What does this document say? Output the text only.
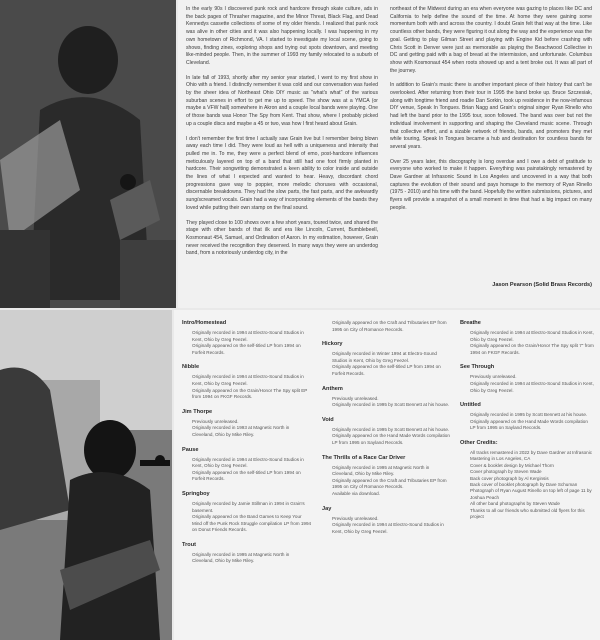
In the early 90s I discovered punk rock and hardcore through skate culture, ads in the back pages of Thrasher magazine, and the Minor Threat, Black Flag, and Dead Kennedys cassette collections of some of my older friends. I realized that punk rock was alive in other cities and it was also happening locally. I was happening in my own hometown of Richmond, VA. I started to investigate my local scene, going to shows, finding zines, exploring shops and trying out spots downtown, and meeting like-minded people. Then, in the summer of 1993 my family relocated to a suburb of Cleveland.

In late fall of 1993, shortly after my senior year started, I went to my first show in Ohio with a friend. I distinctly remember it was cold and our conversation was fueled by the sheer idea of Northeast Ohio DIY music as "what's what" of the various suburban scenes in effort to get me up to speed. The show was at a YMCA (or maybe a VFW hall) somewhere in Akron and a couple local bands were playing. One of those bands was Honor The Spy from Kent. That show, where I probably picked up a couple discs and maybe a 45 or two, was how I first heard about Grain.

I don't remember the first time I actually saw Grain live but I remember being blown away each time I did. They were loud as hell with a uniqueness and intensity that pulled me in. To me, they were a perfect blend of emo, post-hardcore influences meticulously layered on top of a band that still had one foot firmly planted in hardcore. Their songwriting demonstrated a keen ability to color inside and outside the lines of what I expected and wanted to hear. Heavy, discordant chord progressions gave way to poppier, more melodic choruses with occasional, discernable breakdowns. They had the slow parts, the fast parts, and the awkwardly sung/screamed vocals. Grain had a way of incorporating elements of the bands they loved while putting their own stamp on the final sound.

They played close to 100 shows over a few short years, toured twice, and shared the stage with other bands of that ilk and era like Lincoln, Current, Bumblebeell, Kosmonaut 454, Samuel, and Ordination of Aaron. In my estimation, however, Grain never received the recognition they deserved. In many ways they were an underdog band, from a notoriously underdog city, in the

northeast of the Midwest during an era when everyone was gazing to places like DC and California to help define the sound of the time. At home they were gaining some momentum both with and across the country. I doubt Grain felt that way at the time. Like countless other bands, they were figuring it out along the way and the experience was the goal. Getting to play Gilman Street and playing with Engine Kid before crashing with Chris Scott in Denver were just as memorable as playing the Beachwood Collective in DC and getting paid with a bag of bread at the intermission, and unfortunate. Columbus show with Kosmonaut 454 when roots showed up and a tent broke out. It was all part of the journey.

In addition to Grain's music there is another important piece of their history that can't be overlooked. After returning from their tour in 1995 the band broke up. Bruce Szczesiak, along with longtime friend and roadie Dan Sorkin, took up residence in the now-infamous DIY venue, Speak In Tongues. Brian Nagg and Grain's original singer Ryan Rinello who had left the band prior to the 1995 tour, soon followed. The band was over but not the individual involvement in supporting and shaping the Cleveland music scene. Through that collective effort, and a sizable network of friends, bands, and promoters they met while touring, Speak In Tongues became a hub and destination for countless bands for several years.

Over 25 years later, this discography is long overdue and I owe a debt of gratitude to everyone who worked to make it happen. Everything was painstakingly remastered by Dave Gardner at Infrasonic Sound in Los Angeles and uncovered in a way that both captures the evolution of their sound and pays homage to the memory of Ryan Rinello (1975 - 2010) and his time with the band. Hopefully the written submissions, pictures, and flyers will provide a snapshot of a small moment in time that had a big impact on many people.

Jason Pearson (Solid Brass Records)
Intro/Homestead
Originally recorded in 1994 at Electro-Sound Studios in Kent, Ohio by Greg Feezel.
Originally appeared on the self-titled LP from 1994 on Forfeit Records.
Nibble
Originally recorded in 1994 at Electro-Sound Studios in Kent, Ohio by Greg Feezel.
Originally appeared on the Grain/Honor The Spy split EP from 1994 on FKGF Records.
Jim Thorpe
Previously unreleased.
Originally recorded in 1993 at Magnetic North in Cleveland, Ohio by Mike Riley.
Pause
Originally recorded in 1994 at Electro-Sound Studios in Kent, Ohio by Greg Feezel.
Originally appeared on the self-titled LP from 1994 on Forfeit Records.
Springboy
Originally recorded by Jamie Stillman in 1994 in Grain's basement.
Originally appeared on the Band Games to Keep Your Mind off the Punk Rock Struggle compilation LP from 1994 on Donut Friends Records.
Trout
Originally recorded in 1995 at Magnetic North in Cleveland, Ohio by Mike Riley.
Originally appeared on the Craft and Tributaries EP from 1995 on City of Romance Records.
Hickory
Originally recorded in Winter 1994 at Electro-Sound Studios in Kent, Ohio by Greg Feezel.
Originally appeared on the self-titled LP from 1994 on Forfeit Records.
Anthem
Previously unreleased.
Originally recorded in 1995 by Scott Bennett at his house.
Void
Originally recorded in 1995 by Scott Bennett at his house.
Originally appeared on the Hand Made Words compilation LP from 1995 on Sayland Records.
The Thrills of a Race Car Driver
Originally recorded in 1995 at Magnetic North in Cleveland, Ohio by Mike Riley.
Originally appeared on the Craft and Tributaries EP from 1995 on City of Romance Records.
Available via download.
Jay
Previously unreleased.
Originally recorded in 1994 at Electro-Sound Studios in Kent, Ohio by Greg Feezel.
Breathe
Originally recorded in 1994 at Electro-Sound Studios in Kent, Ohio by Greg Feezel.
Originally appeared on the Grain/Honor The Spy split 7" from 1994 on FKGF Records.
See Through
Previously unreleased.
Originally recorded in 1994 at Electro-Sound Studios in Kent, Ohio by Greg Feezel.
Untitled
Originally recorded in 1995 by Scott Bennett at his house.
Originally appeared on the Hand Made Words compilation LP from 1995 on Sayland Records.
Other Credits:
All tracks remastered in 2022 by Dave Gardner at Infrasonic Mastering in Los Angeles, CA
Cover & booklet design by Michael Thorn
Cover photograph by Steven Wade
Back cover photograph by Al Kerginsis
Back cover of booklet photograph by Dave Schuman
Photograph of Ryan August Rinello on top left of page 11 by Joshua Peach
All other band photographs by Steven Wade
Thanks to all our friends who submitted old flyers for this project
